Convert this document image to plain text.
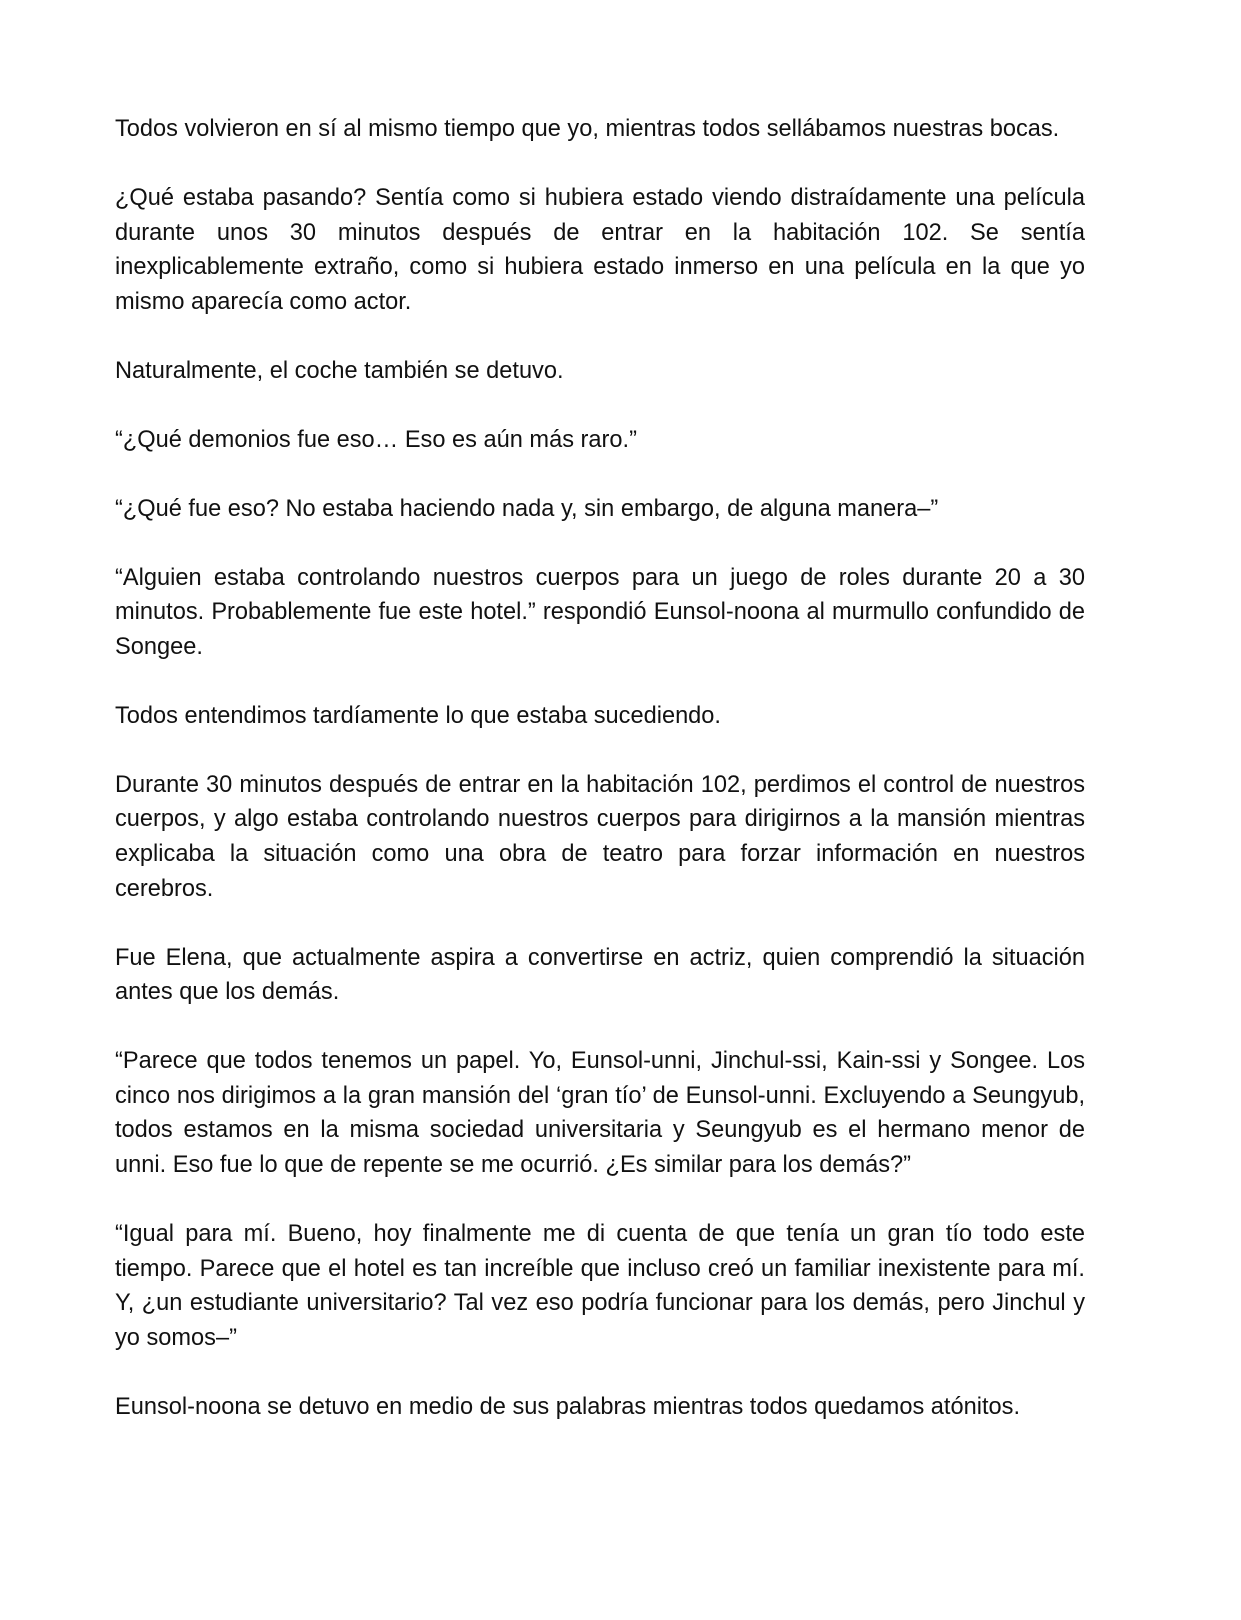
Todos volvieron en sí al mismo tiempo que yo, mientras todos sellábamos nuestras bocas.

¿Qué estaba pasando? Sentía como si hubiera estado viendo distraídamente una película durante unos 30 minutos después de entrar en la habitación 102. Se sentía inexplicablemente extraño, como si hubiera estado inmerso en una película en la que yo mismo aparecía como actor.

Naturalmente, el coche también se detuvo.

“¿Qué demonios fue eso… Eso es aún más raro.”

“¿Qué fue eso? No estaba haciendo nada y, sin embargo, de alguna manera–”

“Alguien estaba controlando nuestros cuerpos para un juego de roles durante 20 a 30 minutos. Probablemente fue este hotel.” respondió Eunsol-noona al murmullo confundido de Songee.

Todos entendimos tardíamente lo que estaba sucediendo.

Durante 30 minutos después de entrar en la habitación 102, perdimos el control de nuestros cuerpos, y algo estaba controlando nuestros cuerpos para dirigirnos a la mansión mientras explicaba la situación como una obra de teatro para forzar información en nuestros cerebros.

Fue Elena, que actualmente aspira a convertirse en actriz, quien comprendió la situación antes que los demás.

“Parece que todos tenemos un papel. Yo, Eunsol-unni, Jinchul-ssi, Kain-ssi y Songee. Los cinco nos dirigimos a la gran mansión del ‘gran tío’ de Eunsol-unni. Excluyendo a Seungyub, todos estamos en la misma sociedad universitaria y Seungyub es el hermano menor de unni. Eso fue lo que de repente se me ocurrió. ¿Es similar para los demás?”

“Igual para mí. Bueno, hoy finalmente me di cuenta de que tenía un gran tío todo este tiempo. Parece que el hotel es tan increíble que incluso creó un familiar inexistente para mí. Y, ¿un estudiante universitario? Tal vez eso podría funcionar para los demás, pero Jinchul y yo somos–”

Eunsol-noona se detuvo en medio de sus palabras mientras todos quedamos atónitos.
